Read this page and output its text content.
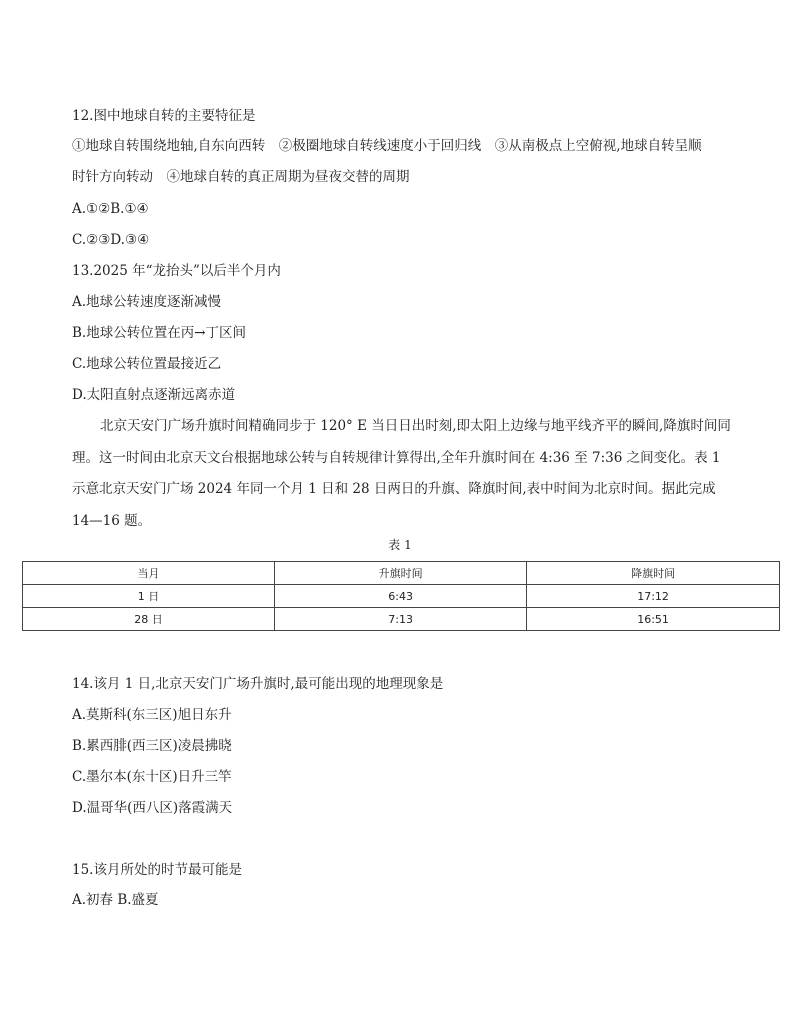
12.图中地球自转的主要特征是
①地球自转围绕地轴,自东向西转　②极圈地球自转线速度小于回归线　③从南极点上空俯视,地球自转呈顺
时针方向转动　④地球自转的真正周期为昼夜交替的周期
A.①②B.①④
C.②③D.③④
13.2025 年“龙抬头”以后半个月内
A.地球公转速度逐渐减慢
B.地球公转位置在丙→丁区间
C.地球公转位置最接近乙
D.太阳直射点逐渐远离赤道
北京天安门广场升旗时间精确同步于 120° E 当日日出时刻,即太阳上边缘与地平线齐平的瞬间,降旗时间同理。这一时间由北京天文台根据地球公转与自转规律计算得出,全年升旗时间在 4:36 至 7:36 之间变化。表 1 示意北京天安门广场 2024 年同一个月 1 日和 28 日两日的升旗、降旗时间,表中时间为北京时间。据此完成 14—16 题。
表 1
当月	升旗时间	降旗时间
1 日	6:43	17:12
28 日	7:13	16:51
14.该月 1 日,北京天安门广场升旗时,最可能出现的地理现象是
A.莫斯科(东三区)旭日东升
B.累西腓(西三区)凌晨拂晓
C.墨尔本(东十区)日升三竿
D.温哥华(西八区)落霞满天
15.该月所处的时节最可能是
A.初春 B.盛夏
